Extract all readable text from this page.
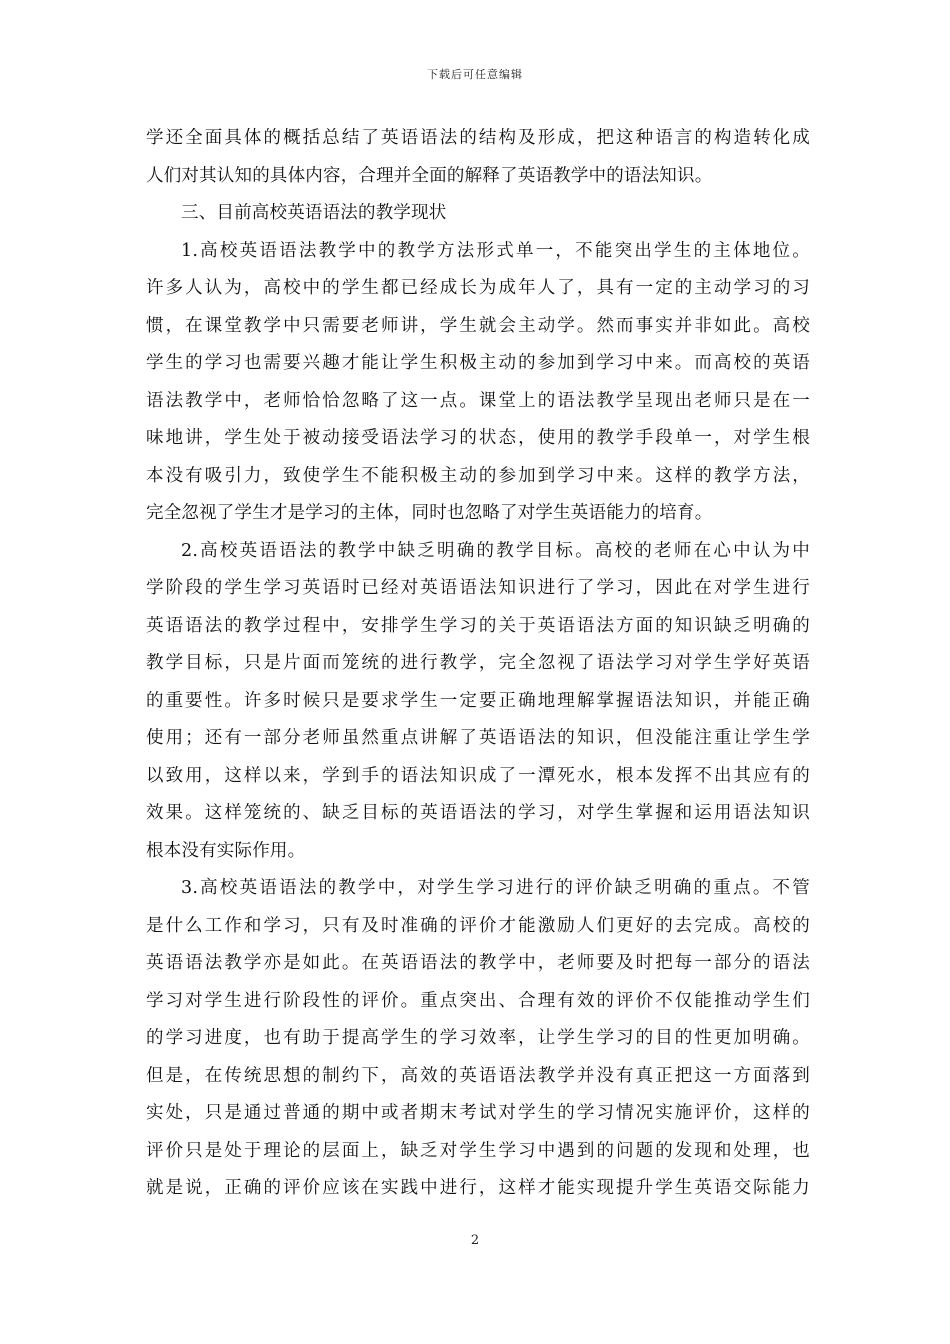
下载后可任意编辑
学还全面具体的概括总结了英语语法的结构及形成，把这种语言的构造转化成
人们对其认知的具体内容，合理并全面的解释了英语教学中的语法知识。
三、目前高校英语语法的教学现状
1.高校英语语法教学中的教学方法形式单一，不能突出学生的主体地位。
许多人认为，高校中的学生都已经成长为成年人了，具有一定的主动学习的习
惯，在课堂教学中只需要老师讲，学生就会主动学。然而事实并非如此。高校
学生的学习也需要兴趣才能让学生积极主动的参加到学习中来。而高校的英语
语法教学中，老师恰恰忽略了这一点。课堂上的语法教学呈现出老师只是在一
味地讲，学生处于被动接受语法学习的状态，使用的教学手段单一，对学生根
本没有吸引力，致使学生不能积极主动的参加到学习中来。这样的教学方法，
完全忽视了学生才是学习的主体，同时也忽略了对学生英语能力的培育。
2.高校英语语法的教学中缺乏明确的教学目标。高校的老师在心中认为中
学阶段的学生学习英语时已经对英语语法知识进行了学习，因此在对学生进行
英语语法的教学过程中，安排学生学习的关于英语语法方面的知识缺乏明确的
教学目标，只是片面而笼统的进行教学，完全忽视了语法学习对学生学好英语
的重要性。许多时候只是要求学生一定要正确地理解掌握语法知识，并能正确
使用；还有一部分老师虽然重点讲解了英语语法的知识，但没能注重让学生学
以致用，这样以来，学到手的语法知识成了一潭死水，根本发挥不出其应有的
效果。这样笼统的、缺乏目标的英语语法的学习，对学生掌握和运用语法知识
根本没有实际作用。
3.高校英语语法的教学中，对学生学习进行的评价缺乏明确的重点。不管
是什么工作和学习，只有及时准确的评价才能激励人们更好的去完成。高校的
英语语法教学亦是如此。在英语语法的教学中，老师要及时把每一部分的语法
学习对学生进行阶段性的评价。重点突出、合理有效的评价不仅能推动学生们
的学习进度，也有助于提高学生的学习效率，让学生学习的目的性更加明确。
但是，在传统思想的制约下，高效的英语语法教学并没有真正把这一方面落到
实处，只是通过普通的期中或者期末考试对学生的学习情况实施评价，这样的
评价只是处于理论的层面上，缺乏对学生学习中遇到的问题的发现和处理，也
就是说，正确的评价应该在实践中进行，这样才能实现提升学生英语交际能力
2
